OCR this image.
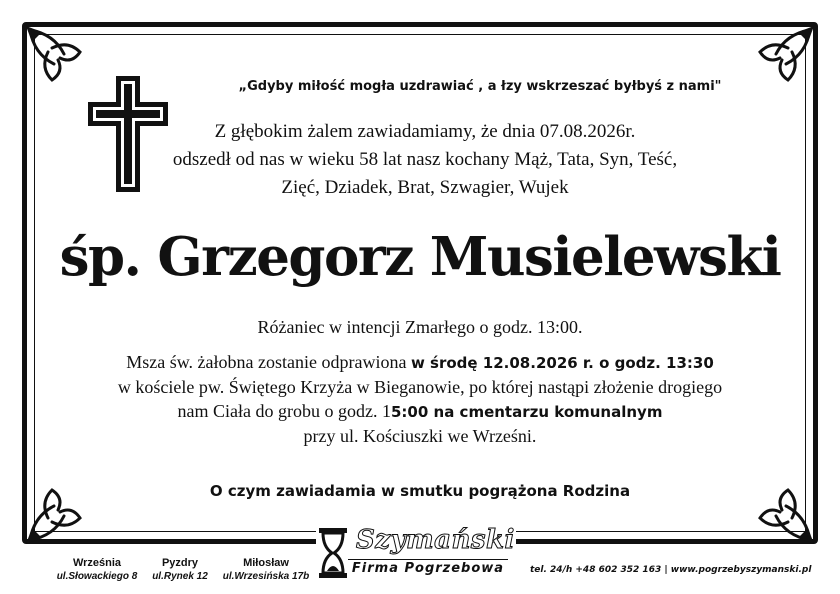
„Gdyby miłość mogła uzdrawiać , a łzy wskrzeszać byłbyś z nami"
Z głębokim żalem zawiadamiamy, że dnia 07.08.2026r.
odszedł od nas w wieku 58 lat nasz kochany Mąż, Tata, Syn, Teść,
Zięć, Dziadek, Brat, Szwagier, Wujek
śp. Grzegorz Musielewski
Różaniec w intencji Zmarłego o godz. 13:00.
Msza św. żałobna zostanie odprawiona w środę 12.08.2026 r. o godz. 13:30
w kościele pw. Świętego Krzyża w Bieganowie, po której nastąpi złożenie drogiego
nam Ciała do grobu o godz. 15:00 na cmentarzu komunalnym
przy ul. Kościuszki we Wrześni.
O czym zawiadamia w smutku pogrążona Rodzina
Września
ul.Słowackiego 8
Pyzdry
ul.Rynek 12
Miłosław
ul.Wrzesińska 17b
Szymański
Firma Pogrzebowa	tel. 24/h +48 602 352 163 | www.pogrzebyszymanski.pl
